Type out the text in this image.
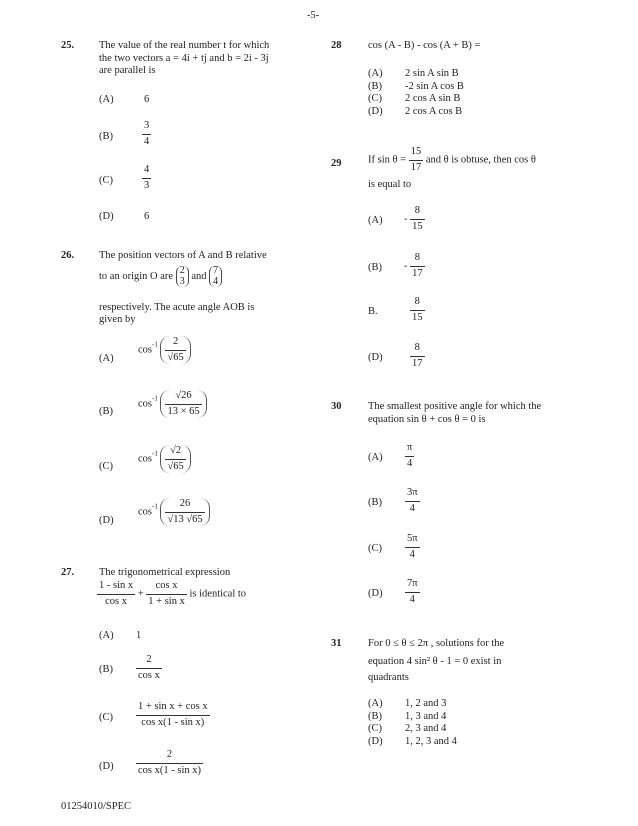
-5-
25. The value of the real number t for which
the two vectors a = 4i + tj and b = 2i - 3j
are parallel is
(A)	6
(B)	$\frac{3}{4}$
(C)	$\frac{4}{3}$
(D)	6
26. The position vectors of A and B relative
to an origin O are 2
3 and 7
4
respectively. The acute angle AOB is
given by
(A)
$\cos^{-1} \frac{2}{√65}$
(B)
$\cos^{-1} \frac{√26}{13 \times 65}$
(C)
$\cos^{-1} \frac{√2}{√65}$
(D)
$\cos^{-1} \frac{26}{√13 √65}$
27. The trigonometrical expression
$\frac{\text{1 - sin x}}{\text{cos x}} + \frac{\text{cos x}}{\text{1 + sin x}}$ is identical to
(A) 1
$(B) \frac{2}{\text{cos x}}$
$(C) \frac{\text{1 + sin x + cos x}}{\text{cos x(1 - sin x)}}$
$(D) \frac{2}{\text{cos x(1 - sin x)}}$
01254010/SPEC
28	cos (A - B) - cos (A + B) =
(A)	2 sin A sin B
(B)	-2 sin A cos B
(C)	2 cos A sin B
(D)	2 cos A cos B
29	If $\sin \theta = \frac{15}{17}$ and θ is obtuse, then cos θ
is equal to
$(A) - \frac{8}{15}$
$(B) - \frac{8}{17}$
B.	$\frac{8}{15}$
(D)	$\frac{8}{17}$
30	The smallest positive angle for which the
equation sin θ + cos θ = 0 is
$(A) \frac{\pi}{4}$
$(B) \frac{3\pi}{4}$
$(C) \frac{5\pi}{4}$
$(D) \frac{7\pi}{4}$
31	For 0 ≤ θ ≤ 2π , solutions for the
equation 4 sin² θ - 1 = 0 exist in
quadrants
(A)	1, 2 and 3
(B)	1, 3 and 4
(C)	2, 3 and 4
(D)	1, 2, 3 and 4
